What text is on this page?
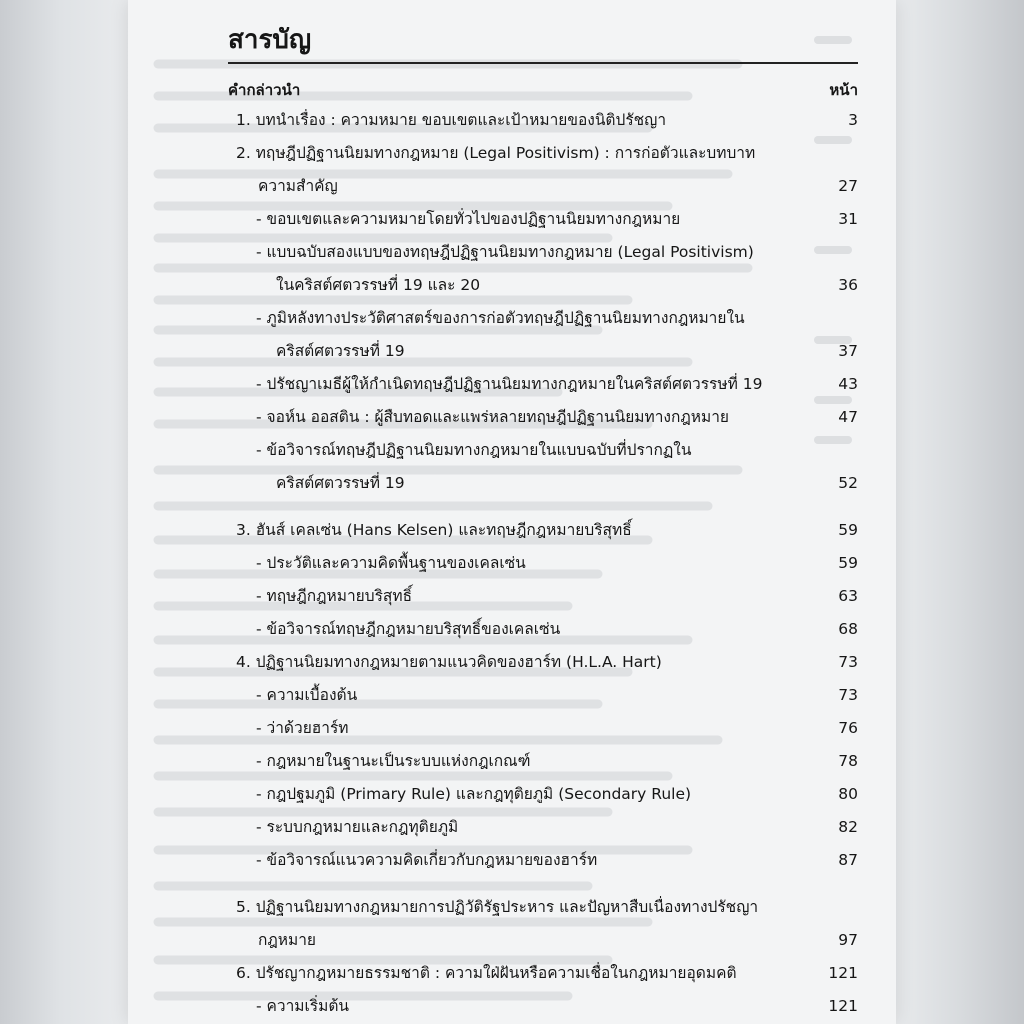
สารบัญ
คำกล่าวนำ	หน้า
1. บทนำเรื่อง : ความหมาย ขอบเขตและเป้าหมายของนิติปรัชญา	3
2. ทฤษฎีปฏิฐานนิยมทางกฎหมาย (Legal Positivism) : การก่อตัวและบทบาท
ความสำคัญ	27
- ขอบเขตและความหมายโดยทั่วไปของปฏิฐานนิยมทางกฎหมาย	31
- แบบฉบับสองแบบของทฤษฎีปฏิฐานนิยมทางกฎหมาย (Legal Positivism)
ในคริสต์ศตวรรษที่ 19 และ 20	36
- ภูมิหลังทางประวัติศาสตร์ของการก่อตัวทฤษฎีปฏิฐานนิยมทางกฎหมายใน
คริสต์ศตวรรษที่ 19	37
- ปรัชญาเมธีผู้ให้กำเนิดทฤษฎีปฏิฐานนิยมทางกฎหมายในคริสต์ศตวรรษที่ 19	43
- จอห์น ออสติน : ผู้สืบทอดและแพร่หลายทฤษฎีปฏิฐานนิยมทางกฎหมาย	47
- ข้อวิจารณ์ทฤษฎีปฏิฐานนิยมทางกฎหมายในแบบฉบับที่ปรากฏใน
คริสต์ศตวรรษที่ 19	52
3. ฮันส์ เคลเซ่น (Hans Kelsen) และทฤษฎีกฎหมายบริสุทธิ์	59
- ประวัติและความคิดพื้นฐานของเคลเซ่น	59
- ทฤษฎีกฎหมายบริสุทธิ์	63
- ข้อวิจารณ์ทฤษฎีกฎหมายบริสุทธิ์ของเคลเซ่น	68
4. ปฏิฐานนิยมทางกฎหมายตามแนวคิดของฮาร์ท (H.L.A. Hart)	73
- ความเบื้องต้น	73
- ว่าด้วยฮาร์ท	76
- กฎหมายในฐานะเป็นระบบแห่งกฎเกณฑ์	78
- กฎปฐมภูมิ (Primary Rule) และกฎทุติยภูมิ (Secondary Rule)	80
- ระบบกฎหมายและกฎทุติยภูมิ	82
- ข้อวิจารณ์แนวความคิดเกี่ยวกับกฎหมายของฮาร์ท	87
5. ปฏิฐานนิยมทางกฎหมายการปฏิวัติรัฐประหาร และปัญหาสืบเนื่องทางปรัชญา
กฎหมาย	97
6. ปรัชญากฎหมายธรรมชาติ : ความใฝ่ฝันหรือความเชื่อในกฎหมายอุดมคติ	121
- ความเริ่มต้น	121
